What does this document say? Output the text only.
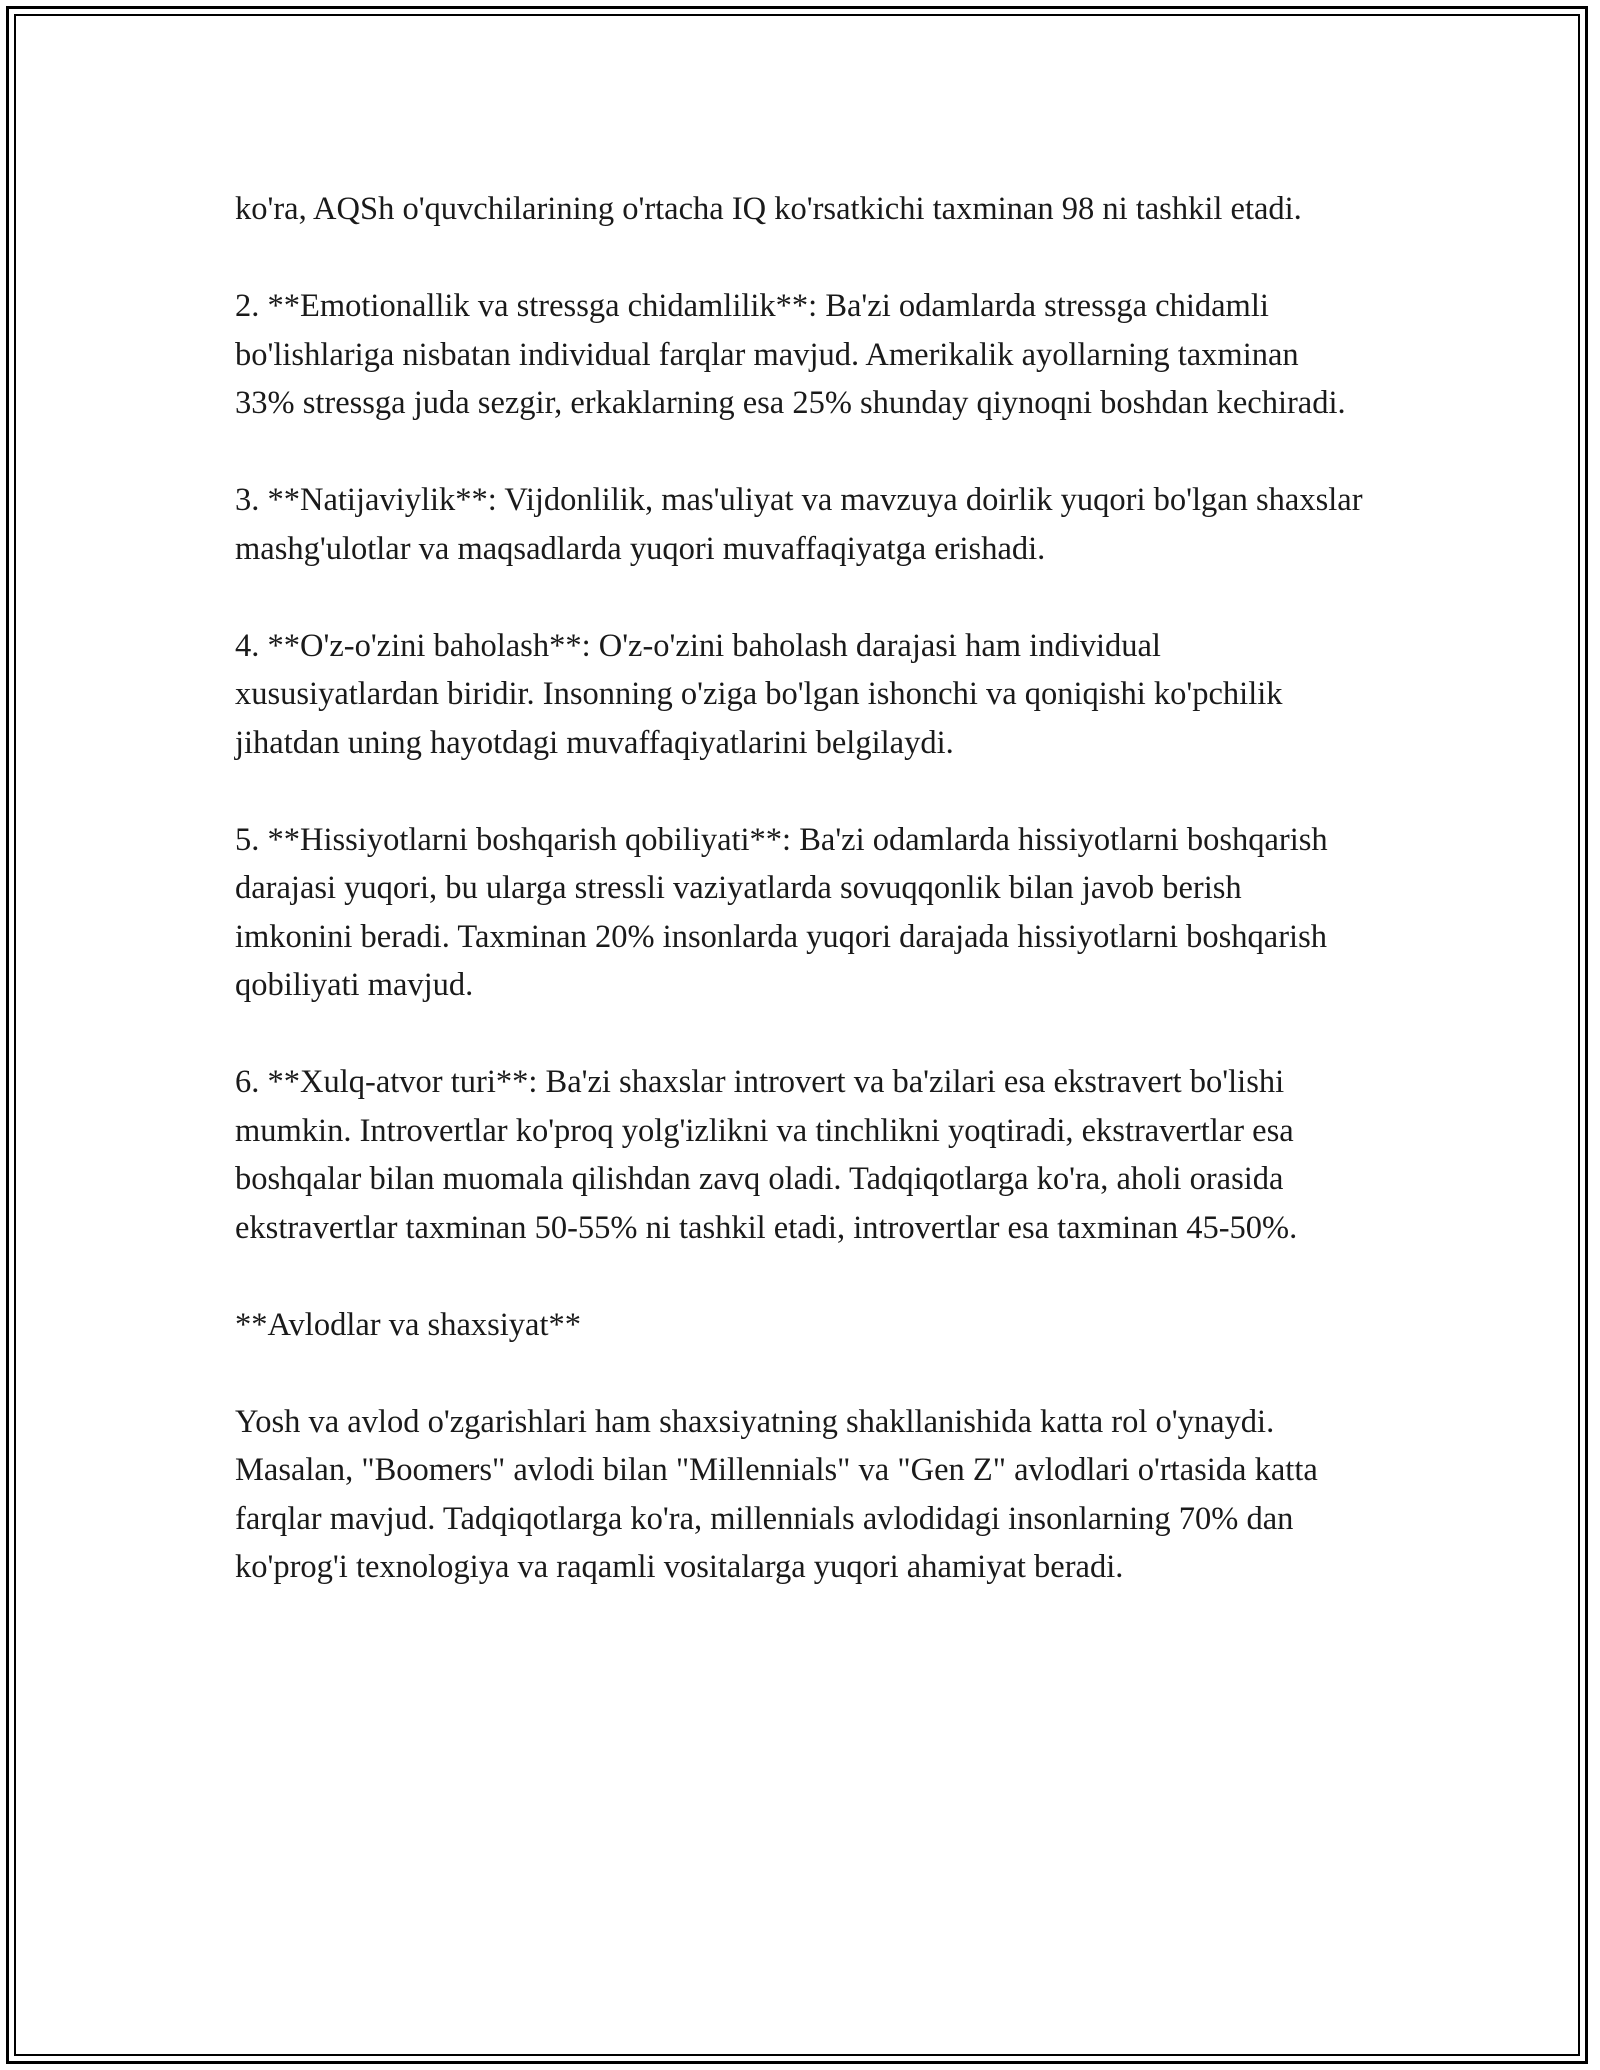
ko'ra, AQSh o'quvchilarining o'rtacha IQ ko'rsatkichi taxminan 98 ni tashkil etadi.

2. **Emotionallik va stressga chidamlilik**: Ba'zi odamlarda stressga chidamli bo'lishlariga nisbatan individual farqlar mavjud. Amerikalik ayollarning taxminan 33% stressga juda sezgir, erkaklarning esa 25% shunday qiynoqni boshdan kechiradi.

3. **Natijaviylik**: Vijdonlilik, mas'uliyat va mavzuya doirlik yuqori bo'lgan shaxslar mashg'ulotlar va maqsadlarda yuqori muvaffaqiyatga erishadi.

4. **O'z-o'zini baholash**: O'z-o'zini baholash darajasi ham individual xususiyatlardan biridir. Insonning o'ziga bo'lgan ishonchi va qoniqishi ko'pchilik jihatdan uning hayotdagi muvaffaqiyatlarini belgilaydi.

5. **Hissiyotlarni boshqarish qobiliyati**: Ba'zi odamlarda hissiyotlarni boshqarish darajasi yuqori, bu ularga stressli vaziyatlarda sovuqqonlik bilan javob berish imkonini beradi. Taxminan 20% insonlarda yuqori darajada hissiyotlarni boshqarish qobiliyati mavjud.

6. **Xulq-atvor turi**: Ba'zi shaxslar introvert va ba'zilari esa ekstravert bo'lishi mumkin. Introvertlar ko'proq yolg'izlikni va tinchlikni yoqtiradi, ekstravertlar esa boshqalar bilan muomala qilishdan zavq oladi. Tadqiqotlarga ko'ra, aholi orasida ekstravertlar taxminan 50-55% ni tashkil etadi, introvertlar esa taxminan 45-50%.

**Avlodlar va shaxsiyat**

Yosh va avlod o'zgarishlari ham shaxsiyatning shakllanishida katta rol o'ynaydi. Masalan, "Boomers" avlodi bilan "Millennials" va "Gen Z" avlodlari o'rtasida katta farqlar mavjud. Tadqiqotlarga ko'ra, millennials avlodidagi insonlarning 70% dan ko'prog'i texnologiya va raqamli vositalarga yuqori ahamiyat beradi.
